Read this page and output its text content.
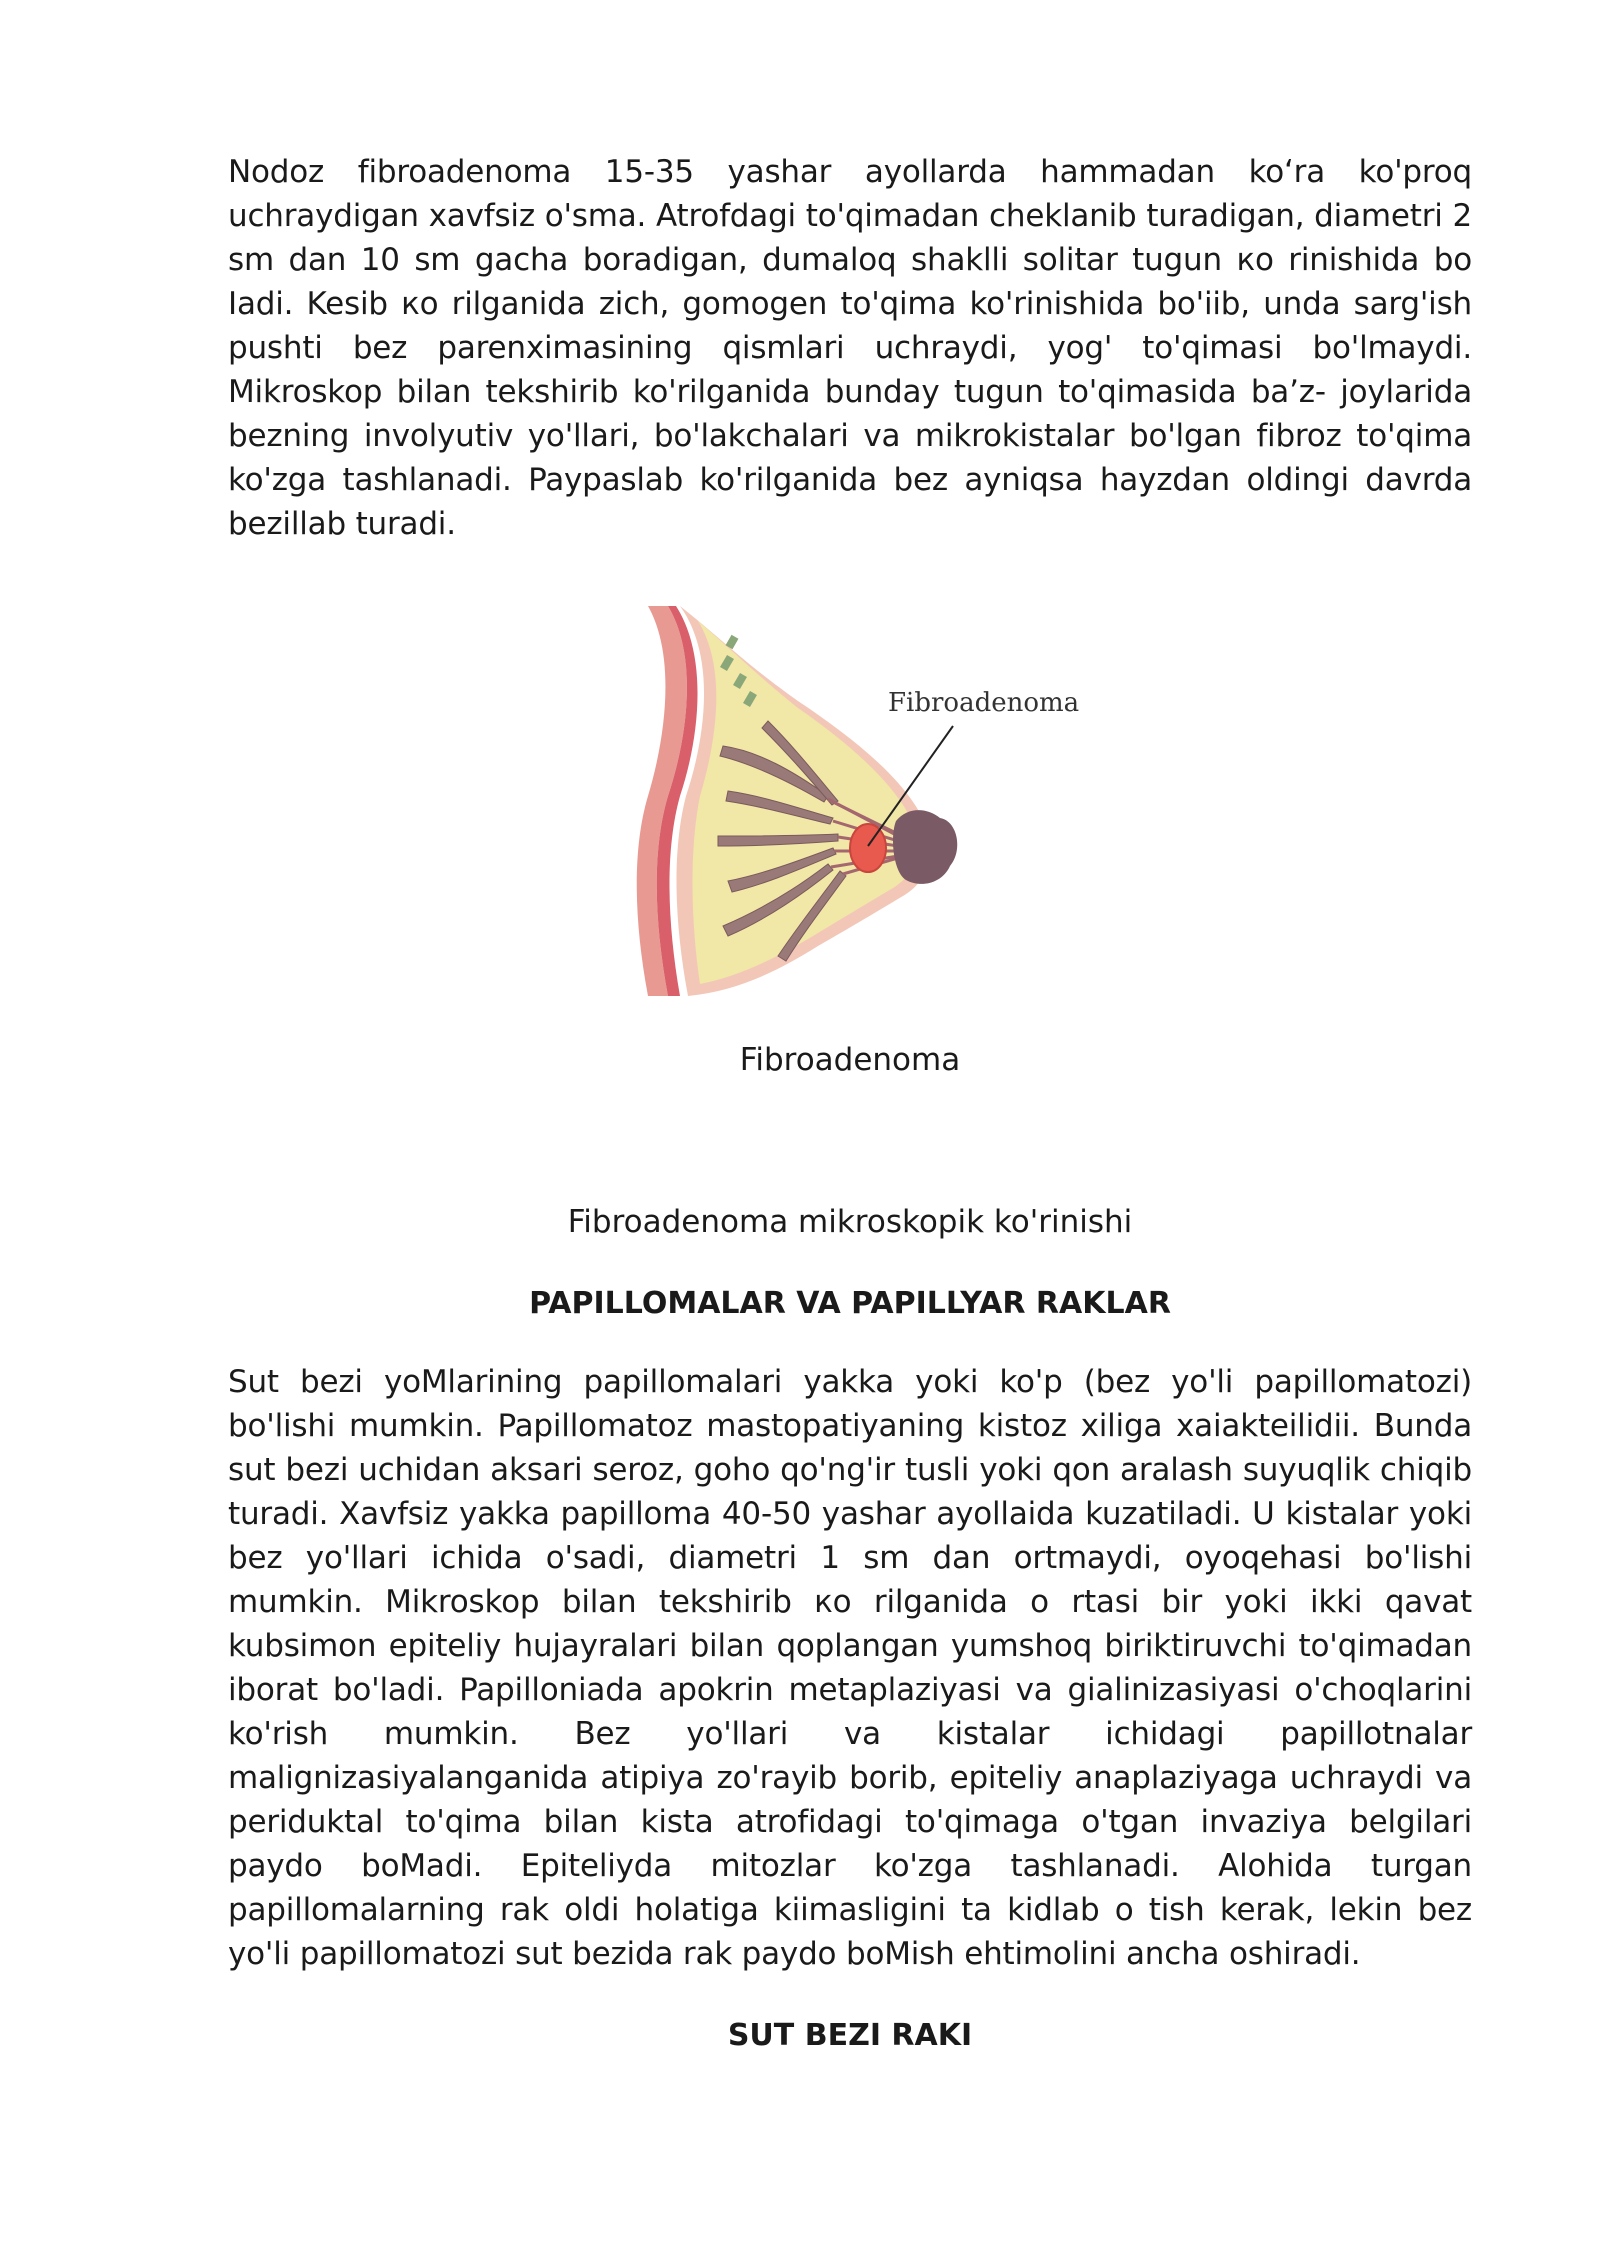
Nodoz fibroadenoma 15-35 yashar ayollarda hammadan ko‘ra ko'proq uchraydigan xavfsiz o'sma. Atrofdagi to'qimadan cheklanib turadigan, diametri 2 sm dan 10 sm gacha boradigan, dumaloq shaklli solitar tugun кo rinishida bo Iadi. Kesib кo rilganida zich, gomogen to'qima ko'rinishida bo'iib, unda sarg'ish pushti bez parenximasining qismlari uchraydi, yog' to'qimasi bo'lmaydi. Mikroskop bilan tekshirib ko'rilganida bunday tugun to'qimasida ba’z- joylarida bezning involyutiv yo'llari, bo'lakchalari va mikrokistalar bo'lgan fibroz to'qima ko'zga tashlanadi. Paypaslab ko'rilganida bez ayniqsa hayzdan oldingi davrda bezillab turadi.

Fibroadenoma

Fibroadenoma

Fibroadenoma mikroskopik ko'rinishi

PAPILLOMALAR VA PAPILLYAR RAKLAR

Sut bezi yoMlarining papillomalari yakka yoki ko'p (bez yo'li papillomatozi) bo'lishi mumkin. Papillomatoz mastopatiyaning kistoz xiliga xaiakteilidii. Bunda sut bezi uchidan aksari seroz, goho qo'ng'ir tusli yoki qon aralash suyuqlik chiqib turadi. Xavfsiz yakka papilloma 40-50 yashar ayollaida kuzatiladi. U kistalar yoki bez yo'llari ichida o'sadi, diametri 1 sm dan ortmaydi, oyoqehasi bo'lishi mumkin. Mikroskop bilan tekshirib кo rilganida o rtasi bir yoki ikki qavat kubsimon epiteliy hujayralari bilan qoplangan yumshoq biriktiruvchi to'qimadan iborat bo'ladi. Papilloniada apokrin metaplaziyasi va gialinizasiyasi o'choqlarini ko'rish mumkin. Bez yo'llari va kistalar ichidagi papillotnalar malignizasiyalanganida atipiya zo'rayib borib, epiteliy anaplaziyaga uchraydi va periduktal to'qima bilan kista atrofidagi to'qimaga o'tgan invaziya belgilari paydo boMadi. Epiteliyda mitozlar ko'zga tashlanadi. Alohida turgan papillomalarning rak oldi holatiga kiimasligini ta kidlab o tish kerak, lekin bez yo'li papillomatozi sut bezida rak paydo boMish ehtimolini ancha oshiradi.

SUT BEZI RAKI
